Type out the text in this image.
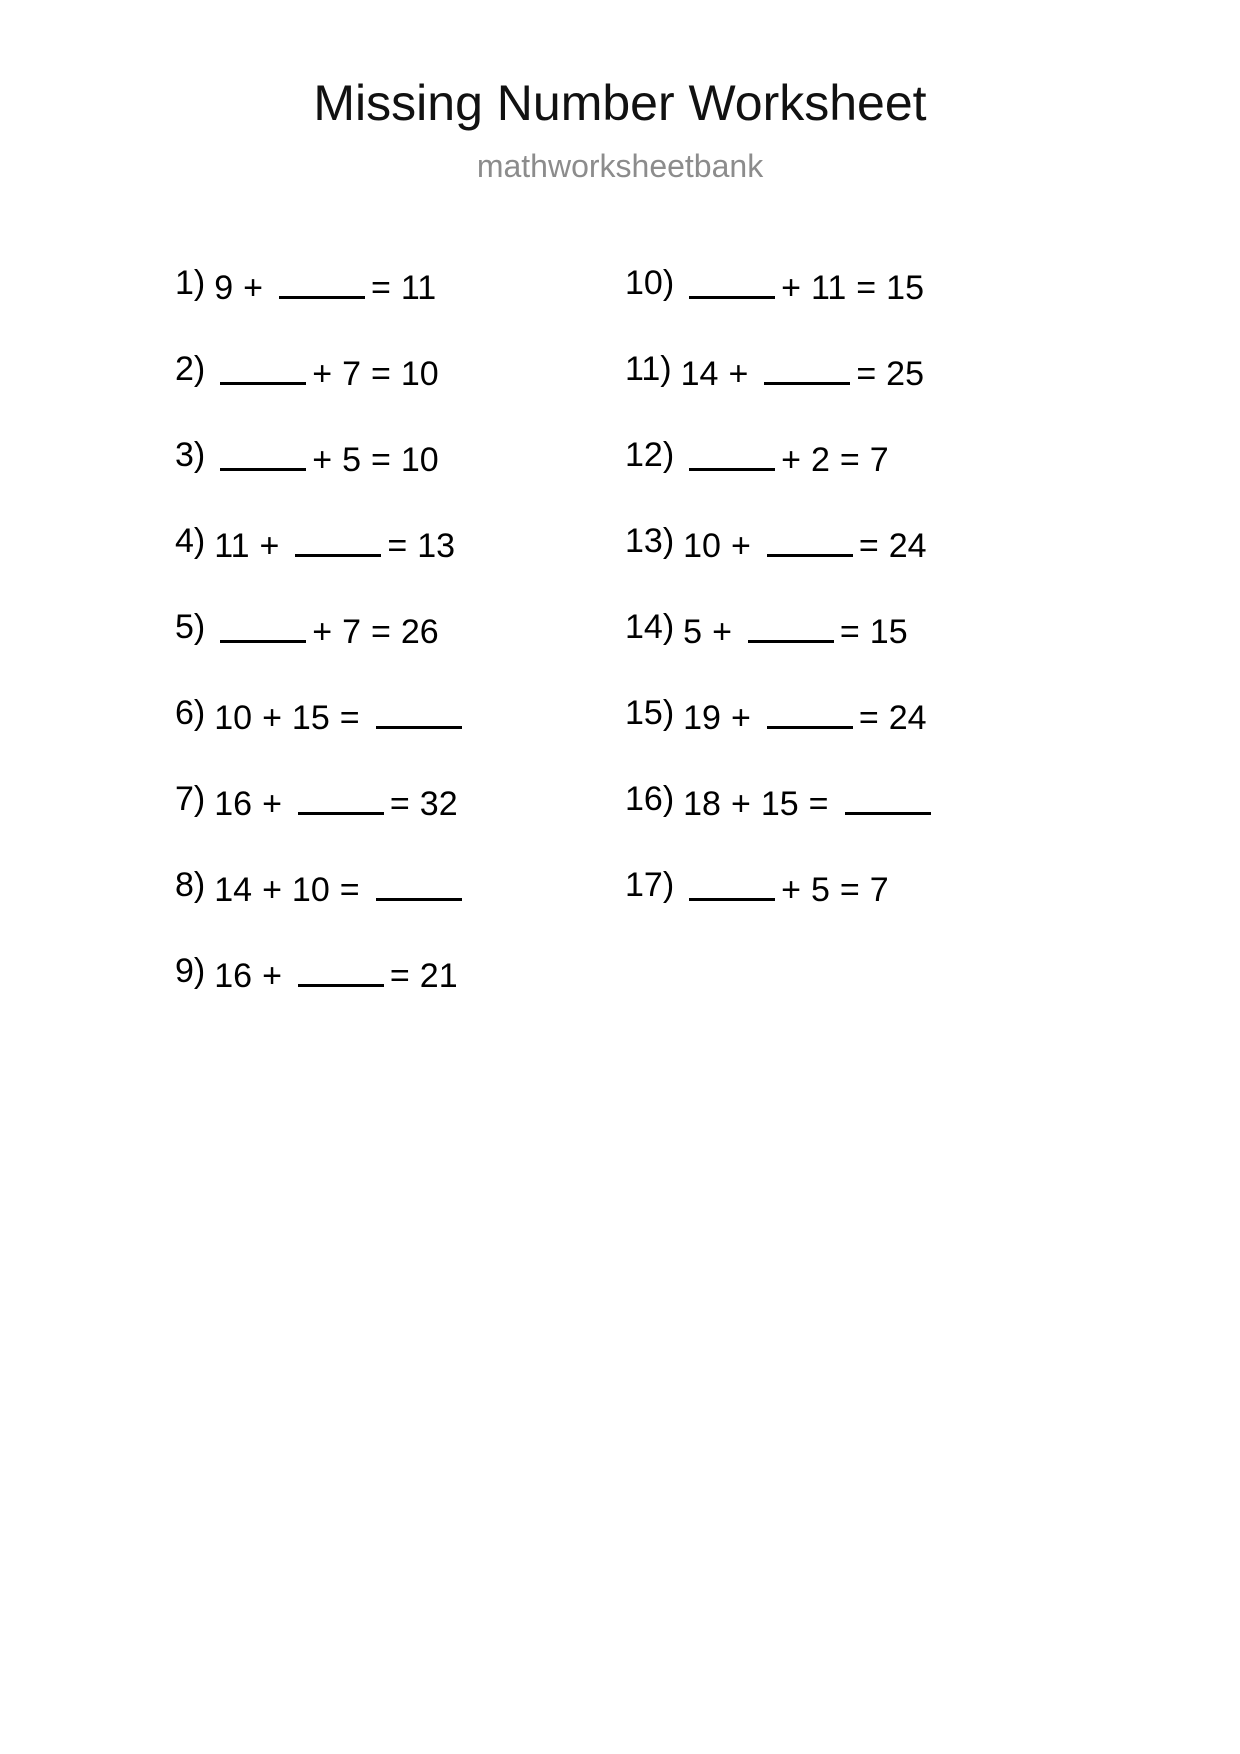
Missing Number Worksheet
mathworksheetbank
1) 9 +	= 11
2)	+ 7 = 10
3)	+ 5 = 10
4) 11 +	= 13
5)	+ 7 = 26
6) 10 + 15 =
7) 16 +	= 32
8) 14 + 10 =
9) 16 +	= 21
10)	+ 11 = 15
11) 14 +	= 25
12)	+ 2 = 7
13) 10 +	= 24
14) 5 +	= 15
15) 19 +	= 24
16) 18 + 15 =
17)	+ 5 = 7
